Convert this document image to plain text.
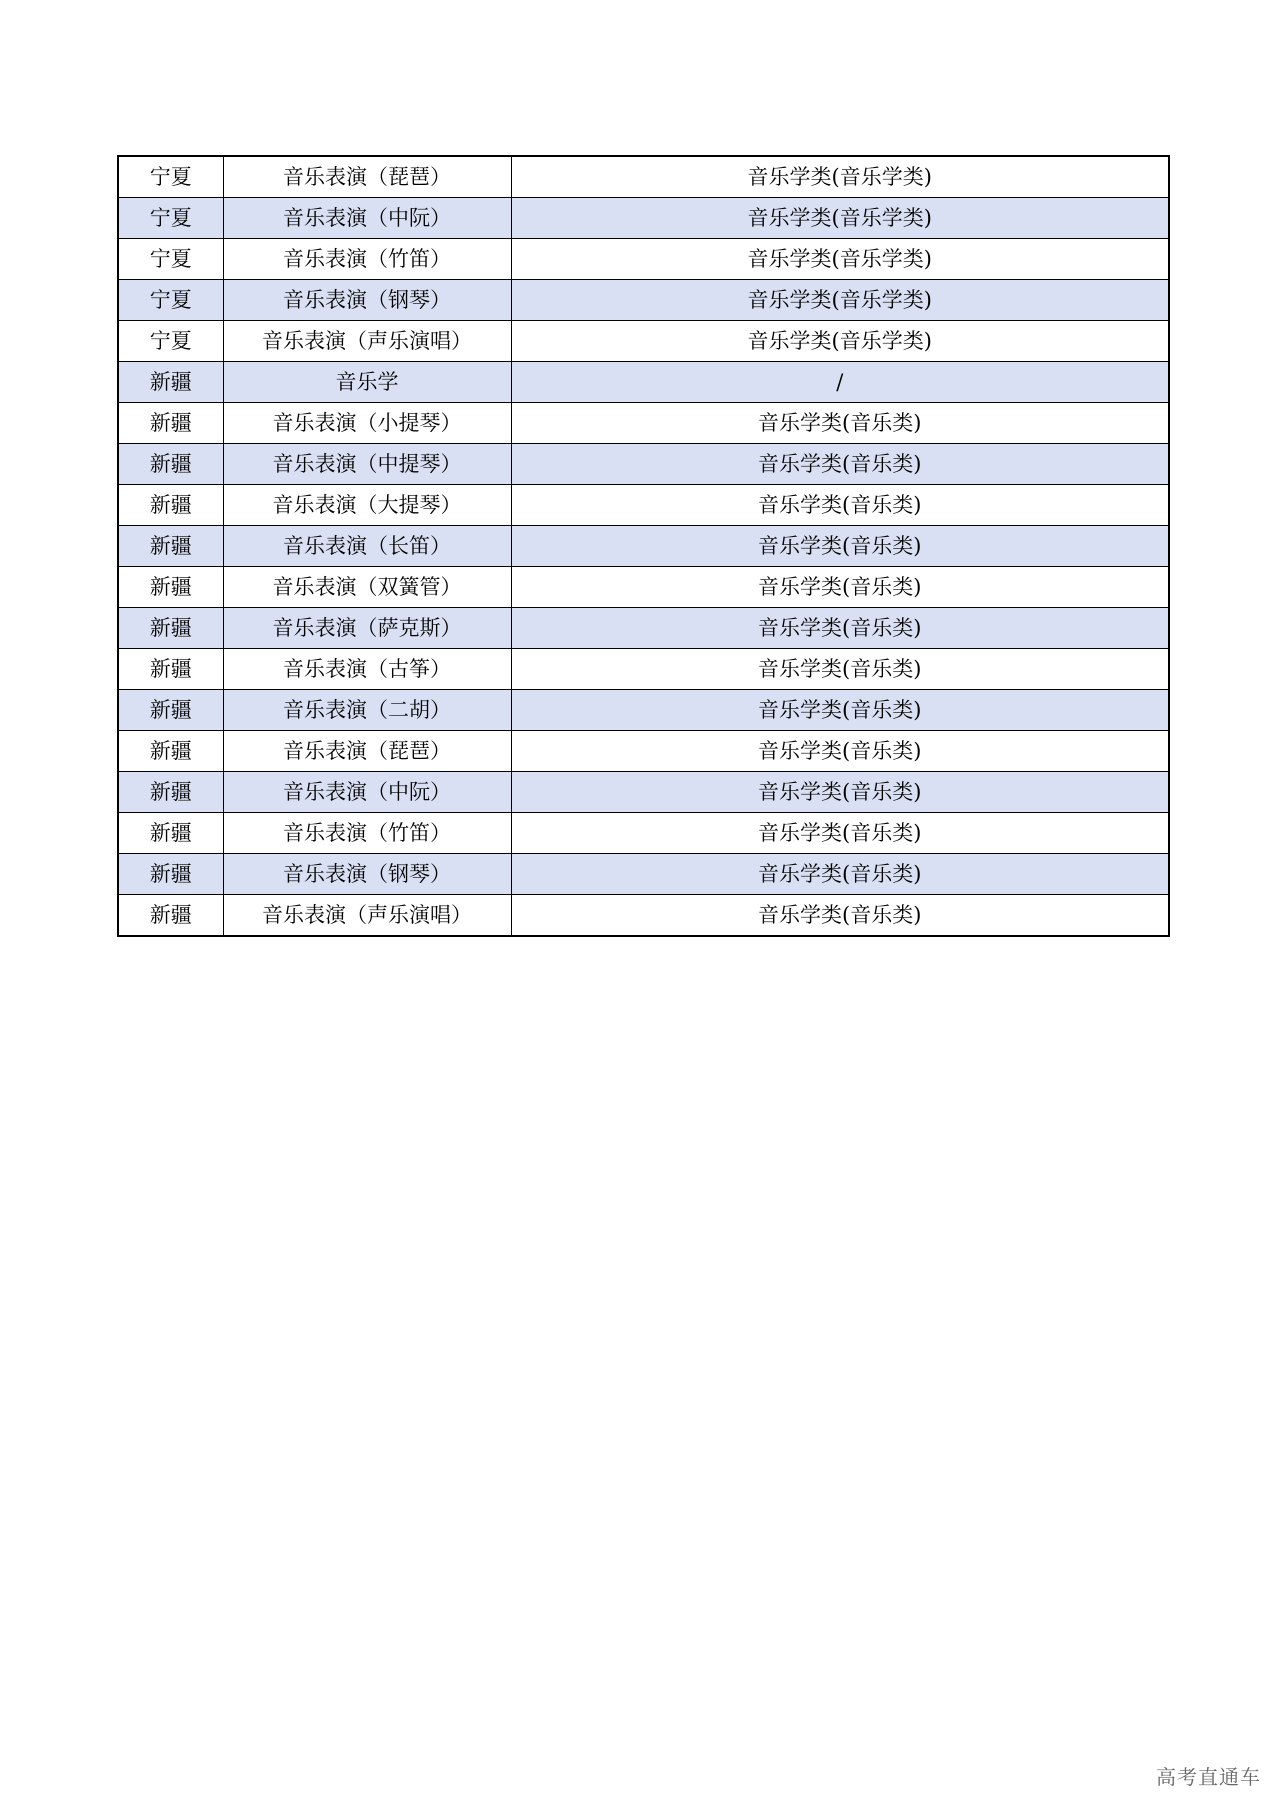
宁夏	音乐表演（琵琶）	音乐学类(音乐学类)
宁夏	音乐表演（中阮）	音乐学类(音乐学类)
宁夏	音乐表演（竹笛）	音乐学类(音乐学类)
宁夏	音乐表演（钢琴）	音乐学类(音乐学类)
宁夏	音乐表演（声乐演唱）	音乐学类(音乐学类)
新疆	音乐学	/
新疆	音乐表演（小提琴）	音乐学类(音乐类)
新疆	音乐表演（中提琴）	音乐学类(音乐类)
新疆	音乐表演（大提琴）	音乐学类(音乐类)
新疆	音乐表演（长笛）	音乐学类(音乐类)
新疆	音乐表演（双簧管）	音乐学类(音乐类)
新疆	音乐表演（萨克斯）	音乐学类(音乐类)
新疆	音乐表演（古筝）	音乐学类(音乐类)
新疆	音乐表演（二胡）	音乐学类(音乐类)
新疆	音乐表演（琵琶）	音乐学类(音乐类)
新疆	音乐表演（中阮）	音乐学类(音乐类)
新疆	音乐表演（竹笛）	音乐学类(音乐类)
新疆	音乐表演（钢琴）	音乐学类(音乐类)
新疆	音乐表演（声乐演唱）	音乐学类(音乐类)
高考直通车
